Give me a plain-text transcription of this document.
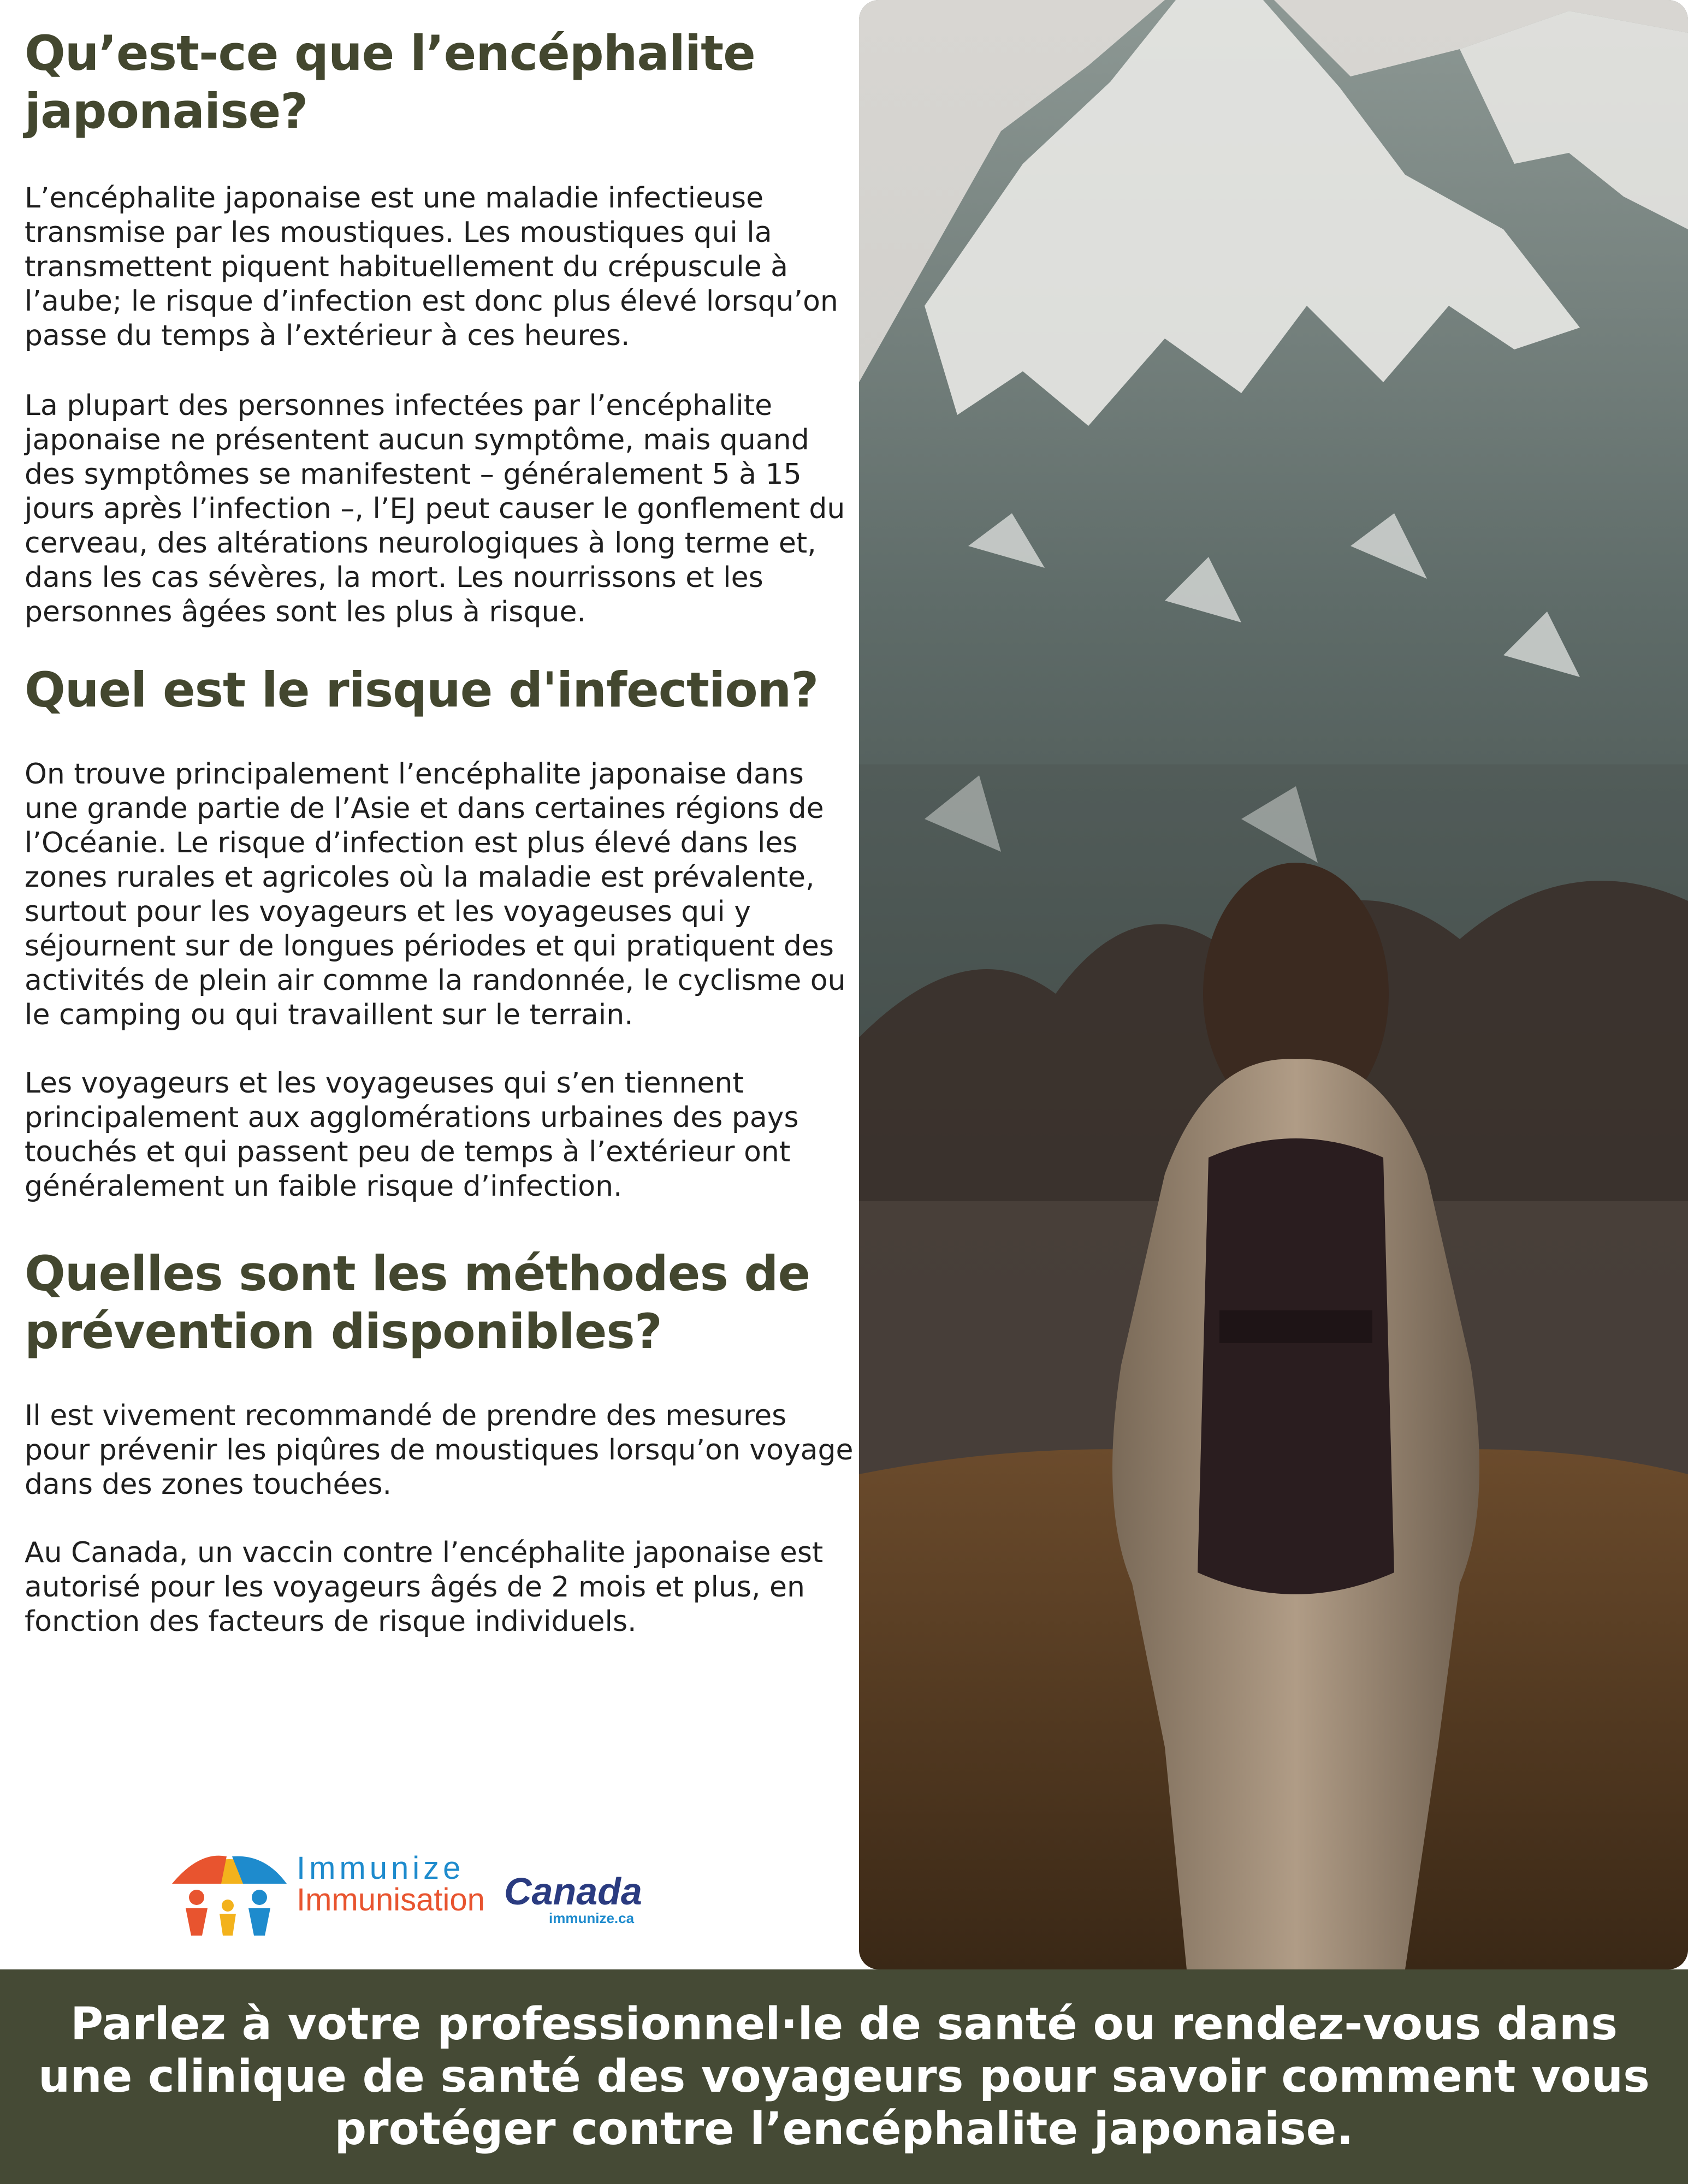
Qu’est-ce que l’encéphalite japonaise?

L’encéphalite japonaise est une maladie infectieuse transmise par les moustiques. Les moustiques qui la transmettent piquent habituellement du crépuscule à l’aube; le risque d’infection est donc plus élevé lorsqu’on passe du temps à l’extérieur à ces heures.

La plupart des personnes infectées par l’encéphalite japonaise ne présentent aucun symptôme, mais quand des symptômes se manifestent – généralement 5 à 15 jours après l’infection –, l’EJ peut causer le gonflement du cerveau, des altérations neurologiques à long terme et, dans les cas sévères, la mort. Les nourrissons et les personnes âgées sont les plus à risque.

Quel est le risque d'infection?

On trouve principalement l’encéphalite japonaise dans une grande partie de l’Asie et dans certaines régions de l’Océanie. Le risque d’infection est plus élevé dans les zones rurales et agricoles où la maladie est prévalente, surtout pour les voyageurs et les voyageuses qui y séjournent sur de longues périodes et qui pratiquent des activités de plein air comme la randonnée, le cyclisme ou le camping ou qui travaillent sur le terrain.

Les voyageurs et les voyageuses qui s’en tiennent principalement aux agglomérations urbaines des pays touchés et qui passent peu de temps à l’extérieur ont généralement un faible risque d’infection.

Quelles sont les méthodes de prévention disponibles?

Il est vivement recommandé de prendre des mesures pour prévenir les piqûres de moustiques lorsqu’on voyage dans des zones touchées.

Au Canada, un vaccin contre l’encéphalite japonaise est autorisé pour les voyageurs âgés de 2 mois et plus, en fonction des facteurs de risque individuels.

Immunize
Immunisation Canada
immunize.ca
Parlez à votre professionnel·le de santé ou rendez-vous dans une clinique de santé des voyageurs pour savoir comment vous protéger contre l’encéphalite japonaise.
